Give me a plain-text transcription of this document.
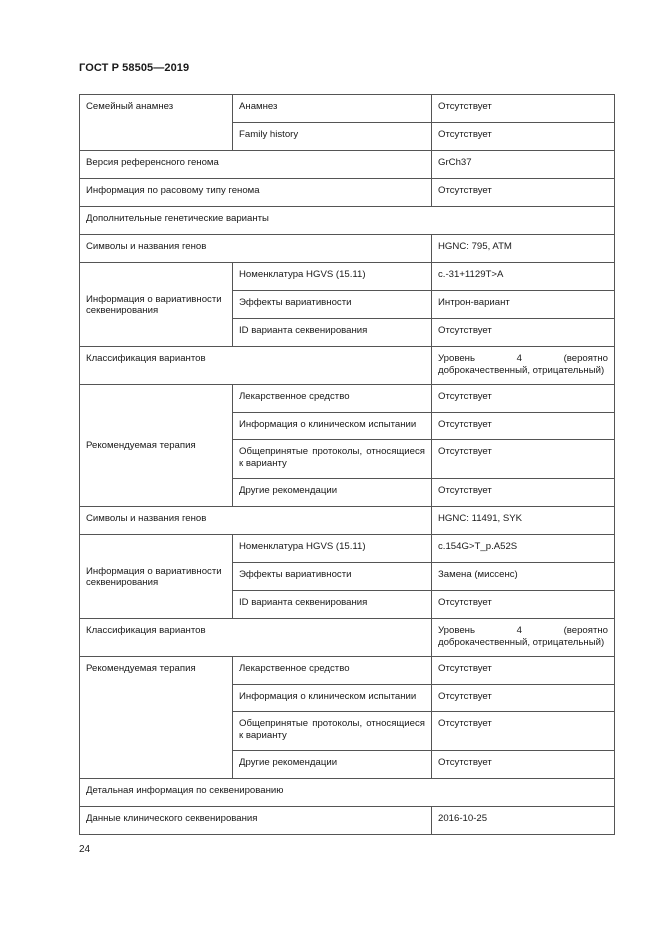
ГОСТ Р 58505—2019
Семейный анамнез	Анамнез	Отсутствует
	Family history	Отсутствует
Версия референсного генома		GrCh37
Информация по расовому типу генома		Отсутствует
Дополнительные генетические варианты		
Символы и названия генов		HGNC: 795, ATM
Информация о вариативности секвенирования	Номенклатура HGVS (15.11)	c.-31+1129T>A
	Эффекты вариативности	Интрон-вариант
	ID варианта секвенирования	Отсутствует
Классификация вариантов		Уровень 4 (вероятно доброкачественный, отрицательный)
Рекомендуемая терапия	Лекарственное средство	Отсутствует
	Информация о клиническом испытании	Отсутствует
	Общепринятые протоколы, относящиеся к варианту	Отсутствует
	Другие рекомендации	Отсутствует
Символы и названия генов		HGNC: 11491, SYK
Информация о вариативности секвенирования	Номенклатура HGVS (15.11)	c.154G>T_p.A52S
	Эффекты вариативности	Замена (миссенс)
	ID варианта секвенирования	Отсутствует
Классификация вариантов		Уровень 4 (вероятно доброкачественный, отрицательный)
Рекомендуемая терапия	Лекарственное средство	Отсутствует
	Информация о клиническом испытании	Отсутствует
	Общепринятые протоколы, относящиеся к варианту	Отсутствует
	Другие рекомендации	Отсутствует
Детальная информация по секвенированию		
Данные клинического секвенирования		2016-10-25
24
